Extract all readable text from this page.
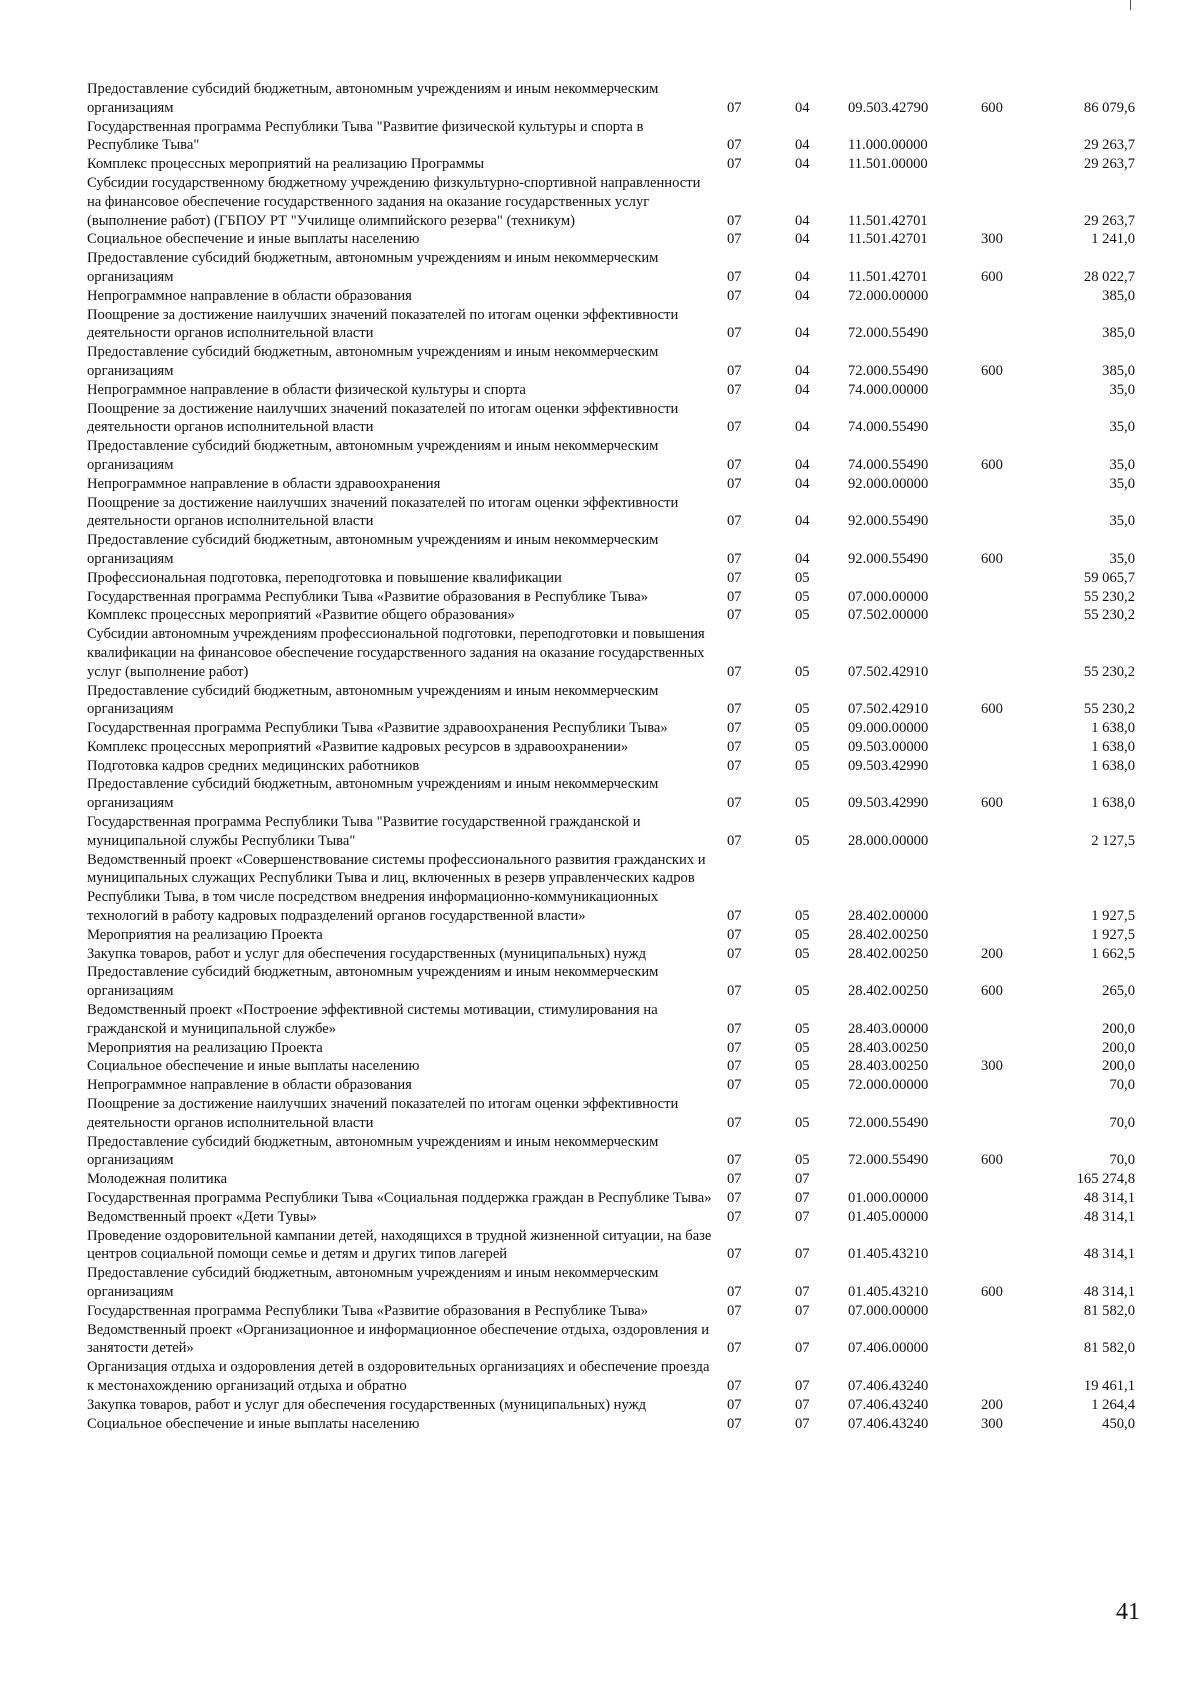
Предоставление субсидий бюджетным, автономным учреждениям и иным некоммерческим организациям	07	04	09.503.42790	600	86 079,6
Государственная программа Республики Тыва "Развитие физической культуры и спорта в Республике Тыва"	07	04	11.000.00000		29 263,7
Комплекс процессных мероприятий на реализацию Программы	07	04	11.501.00000		29 263,7
Субсидии государственному бюджетному учреждению физкультурно-спортивной направленности на финансовое обеспечение государственного задания на оказание государственных услуг (выполнение работ) (ГБПОУ РТ "Училище олимпийского резерва" (техникум)	07	04	11.501.42701		29 263,7
Социальное обеспечение и иные выплаты населению	07	04	11.501.42701	300	1 241,0
Предоставление субсидий бюджетным, автономным учреждениям и иным некоммерческим организациям	07	04	11.501.42701	600	28 022,7
Непрограммное направление в области образования	07	04	72.000.00000		385,0
Поощрение за достижение наилучших значений показателей по итогам оценки эффективности деятельности органов исполнительной власти	07	04	72.000.55490		385,0
Предоставление субсидий бюджетным, автономным учреждениям и иным некоммерческим организациям	07	04	72.000.55490	600	385,0
Непрограммное направление в области физической культуры и спорта	07	04	74.000.00000		35,0
Поощрение за достижение наилучших значений показателей по итогам оценки эффективности деятельности органов исполнительной власти	07	04	74.000.55490		35,0
Предоставление субсидий бюджетным, автономным учреждениям и иным некоммерческим организациям	07	04	74.000.55490	600	35,0
Непрограммное направление в области здравоохранения	07	04	92.000.00000		35,0
Поощрение за достижение наилучших значений показателей по итогам оценки эффективности деятельности органов исполнительной власти	07	04	92.000.55490		35,0
Предоставление субсидий бюджетным, автономным учреждениям и иным некоммерческим организациям	07	04	92.000.55490	600	35,0
Профессиональная подготовка, переподготовка и повышение квалификации	07	05			59 065,7
Государственная программа Республики Тыва «Развитие образования в Республике Тыва»	07	05	07.000.00000		55 230,2
Комплекс процессных мероприятий «Развитие общего образования»	07	05	07.502.00000		55 230,2
Субсидии автономным учреждениям профессиональной подготовки, переподготовки и повышения квалификации на финансовое обеспечение государственного задания на оказание государственных услуг (выполнение работ)	07	05	07.502.42910		55 230,2
Предоставление субсидий бюджетным, автономным учреждениям и иным некоммерческим организациям	07	05	07.502.42910	600	55 230,2
Государственная программа Республики Тыва «Развитие здравоохранения Республики Тыва»	07	05	09.000.00000		1 638,0
Комплекс процессных мероприятий «Развитие кадровых ресурсов в здравоохранении»	07	05	09.503.00000		1 638,0
Подготовка кадров средних медицинских работников	07	05	09.503.42990		1 638,0
Предоставление субсидий бюджетным, автономным учреждениям и иным некоммерческим организациям	07	05	09.503.42990	600	1 638,0
Государственная программа Республики Тыва "Развитие государственной гражданской и муниципальной службы Республики Тыва"	07	05	28.000.00000		2 127,5
Ведомственный проект «Совершенствование системы профессионального развития гражданских и муниципальных служащих Республики Тыва и лиц, включенных в резерв управленческих кадров Республики Тыва, в том числе посредством внедрения информационно-коммуникационных технологий в работу кадровых подразделений органов государственной власти»	07	05	28.402.00000		1 927,5
Мероприятия на реализацию Проекта	07	05	28.402.00250		1 927,5
Закупка товаров, работ и услуг для обеспечения государственных (муниципальных) нужд	07	05	28.402.00250	200	1 662,5
Предоставление субсидий бюджетным, автономным учреждениям и иным некоммерческим организациям	07	05	28.402.00250	600	265,0
Ведомственный проект «Построение эффективной системы мотивации, стимулирования на гражданской и муниципальной службе»	07	05	28.403.00000		200,0
Мероприятия на реализацию Проекта	07	05	28.403.00250		200,0
Социальное обеспечение и иные выплаты населению	07	05	28.403.00250	300	200,0
Непрограммное направление в области образования	07	05	72.000.00000		70,0
Поощрение за достижение наилучших значений показателей по итогам оценки эффективности деятельности органов исполнительной власти	07	05	72.000.55490		70,0
Предоставление субсидий бюджетным, автономным учреждениям и иным некоммерческим организациям	07	05	72.000.55490	600	70,0
Молодежная политика	07	07			165 274,8
Государственная программа Республики Тыва «Социальная поддержка граждан в Республике Тыва»	07	07	01.000.00000		48 314,1
Ведомственный проект «Дети Тувы»	07	07	01.405.00000		48 314,1
Проведение оздоровительной кампании детей, находящихся в трудной жизненной ситуации, на базе центров социальной помощи семье и детям и других типов лагерей	07	07	01.405.43210		48 314,1
Предоставление субсидий бюджетным, автономным учреждениям и иным некоммерческим организациям	07	07	01.405.43210	600	48 314,1
Государственная программа Республики Тыва «Развитие образования в Республике Тыва»	07	07	07.000.00000		81 582,0
Ведомственный проект «Организационное и информационное обеспечение отдыха, оздоровления и занятости детей»	07	07	07.406.00000		81 582,0
Организация отдыха и оздоровления детей в оздоровительных организациях и обеспечение проезда к местонахождению организаций отдыха и обратно	07	07	07.406.43240		19 461,1
Закупка товаров, работ и услуг для обеспечения государственных (муниципальных) нужд	07	07	07.406.43240	200	1 264,4
Социальное обеспечение и иные выплаты населению	07	07	07.406.43240	300	450,0
41
